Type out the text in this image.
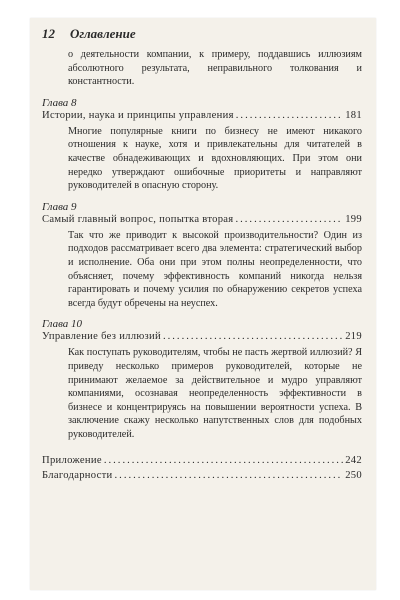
12	Оглавление

о деятельности компании, к примеру, поддавшись иллюзиям абсолютного результата, неправильного толкования и константности.

Глава 8
Истории, наука и принципы управления .....	181

Многие популярные книги по бизнесу не имеют никакого отношения к науке, хотя и привлекательны для читателей в качестве обнадеживающих и вдохновляющих. При этом они нередко утверждают ошибочные приоритеты и направляют руководителей в опасную сторону.

Глава 9
Самый главный вопрос, попытка вторая .....	199

Так что же приводит к высокой производительности? Один из подходов рассматривает всего два элемента: стратегический выбор и исполнение. Оба они при этом полны неопределенности, что объясняет, почему эффективность компаний никогда нельзя гарантировать и почему усилия по обнаружению секретов успеха всегда будут обречены на неуспех.

Глава 10
Управление без иллюзий .....	219

Как поступать руководителям, чтобы не пасть жертвой иллюзий? Я приведу несколько примеров руководителей, которые не принимают желаемое за действительное и мудро управляют компаниями, осознавая неопределенность эффективности в бизнесе и концентрируясь на повышении вероятности успеха. В заключение скажу несколько напутственных слов для подобных руководителей.

Приложение .....	242
Благодарности .....	250
